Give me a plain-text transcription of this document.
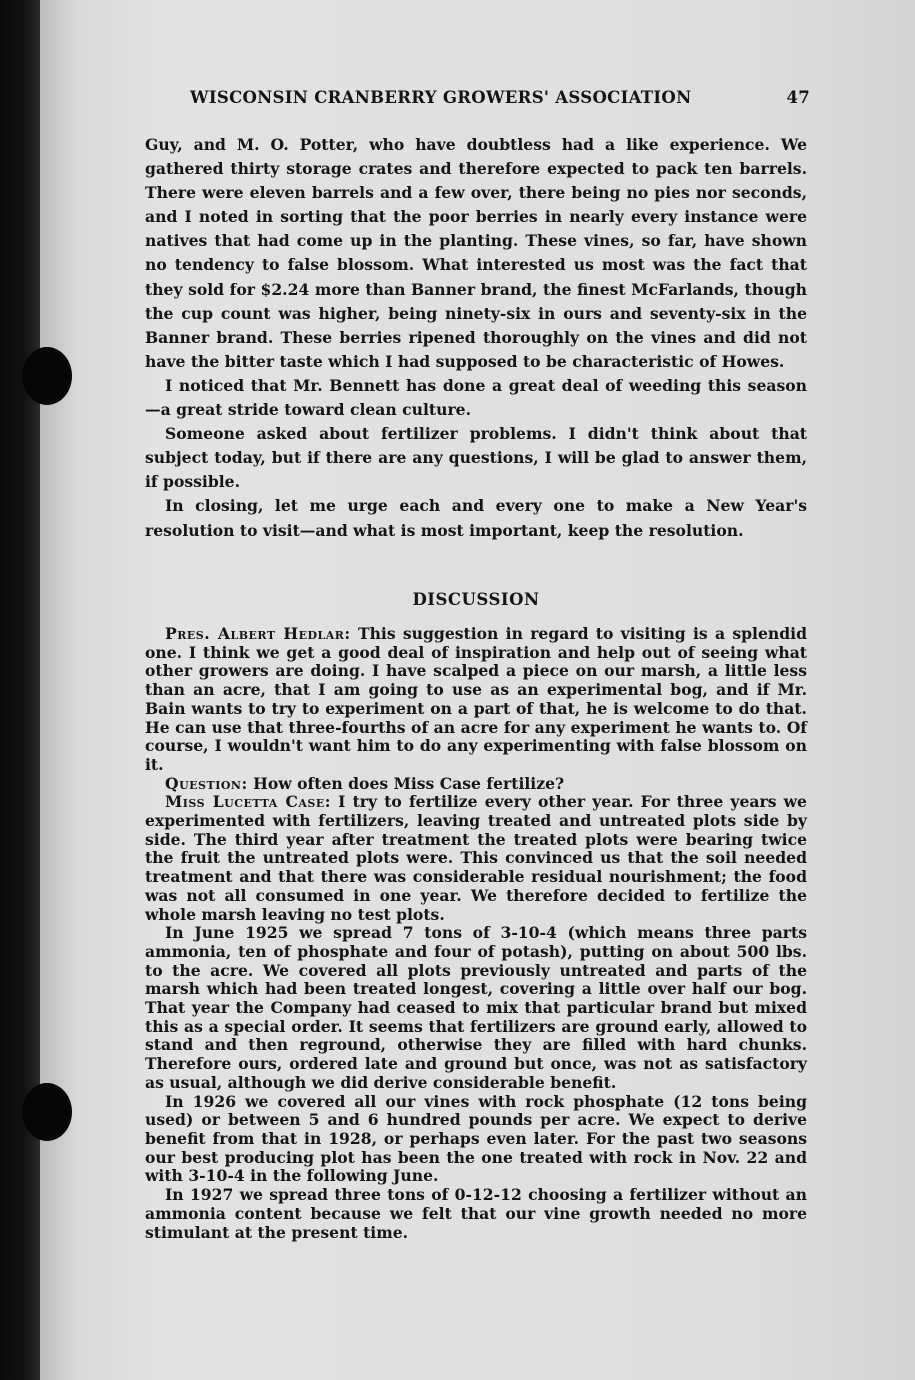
WISCONSIN CRANBERRY GROWERS' ASSOCIATION	47

Guy, and M. O. Potter, who have doubtless had a like experience. We gathered thirty storage crates and therefore expected to pack ten barrels. There were eleven barrels and a few over, there being no pies nor seconds, and I noted in sorting that the poor berries in nearly every instance were natives that had come up in the planting. These vines, so far, have shown no tendency to false blossom. What interested us most was the fact that they sold for $2.24 more than Banner brand, the finest McFarlands, though the cup count was higher, being ninety-six in ours and seventy-six in the Banner brand. These berries ripened thoroughly on the vines and did not have the bitter taste which I had supposed to be characteristic of Howes.

I noticed that Mr. Bennett has done a great deal of weeding this season—a great stride toward clean culture.

Someone asked about fertilizer problems. I didn't think about that subject today, but if there are any questions, I will be glad to answer them, if possible.

In closing, let me urge each and every one to make a New Year's resolution to visit—and what is most important, keep the resolution.

DISCUSSION

Pres. Albert Hedlar: This suggestion in regard to visiting is a splendid one. I think we get a good deal of inspiration and help out of seeing what other growers are doing. I have scalped a piece on our marsh, a little less than an acre, that I am going to use as an experimental bog, and if Mr. Bain wants to try to experiment on a part of that, he is welcome to do that. He can use that three-fourths of an acre for any experiment he wants to. Of course, I wouldn't want him to do any experimenting with false blossom on it.

Question: How often does Miss Case fertilize?

Miss Lucetta Case: I try to fertilize every other year. For three years we experimented with fertilizers, leaving treated and untreated plots side by side. The third year after treatment the treated plots were bearing twice the fruit the untreated plots were. This convinced us that the soil needed treatment and that there was considerable residual nourishment; the food was not all consumed in one year. We therefore decided to fertilize the whole marsh leaving no test plots.

In June 1925 we spread 7 tons of 3-10-4 (which means three parts ammonia, ten of phosphate and four of potash), putting on about 500 lbs. to the acre. We covered all plots previously untreated and parts of the marsh which had been treated longest, covering a little over half our bog. That year the Company had ceased to mix that particular brand but mixed this as a special order. It seems that fertilizers are ground early, allowed to stand and then reground, otherwise they are filled with hard chunks. Therefore ours, ordered late and ground but once, was not as satisfactory as usual, although we did derive considerable benefit.

In 1926 we covered all our vines with rock phosphate (12 tons being used) or between 5 and 6 hundred pounds per acre. We expect to derive benefit from that in 1928, or perhaps even later. For the past two seasons our best producing plot has been the one treated with rock in Nov. 22 and with 3-10-4 in the following June.

In 1927 we spread three tons of 0-12-12 choosing a fertilizer without an ammonia content because we felt that our vine growth needed no more stimulant at the present time.
